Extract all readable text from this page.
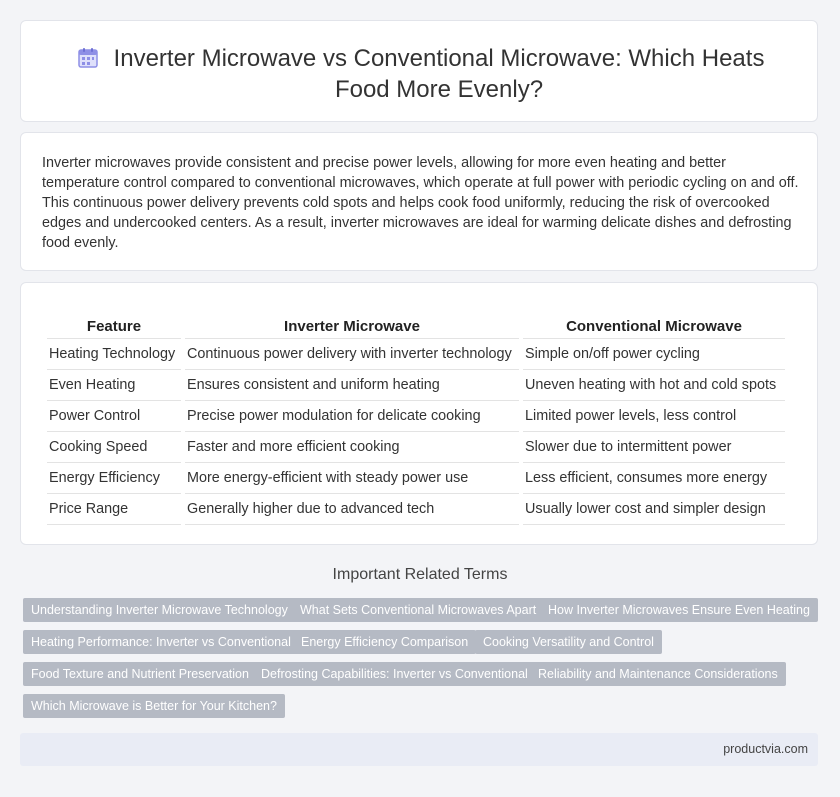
Inverter Microwave vs Conventional Microwave: Which Heats Food More Evenly?

Inverter microwaves provide consistent and precise power levels, allowing for more even heating and better temperature control compared to conventional microwaves, which operate at full power with periodic cycling on and off. This continuous power delivery prevents cold spots and helps cook food uniformly, reducing the risk of overcooked edges and undercooked centers. As a result, inverter microwaves are ideal for warming delicate dishes and defrosting food evenly.

Feature	Inverter Microwave	Conventional Microwave
Heating Technology	Continuous power delivery with inverter technology	Simple on/off power cycling
Even Heating	Ensures consistent and uniform heating	Uneven heating with hot and cold spots
Power Control	Precise power modulation for delicate cooking	Limited power levels, less control
Cooking Speed	Faster and more efficient cooking	Slower due to intermittent power
Energy Efficiency	More energy-efficient with steady power use	Less efficient, consumes more energy
Price Range	Generally higher due to advanced tech	Usually lower cost and simpler design
Important Related Terms
Understanding Inverter Microwave Technology What Sets Conventional Microwaves Apart How Inverter Microwaves Ensure Even Heating
Heating Performance: Inverter vs Conventional Energy Efficiency Comparison	Cooking Versatility and Control
Food Texture and Nutrient Preservation Defrosting Capabilities: Inverter vs Conventional Reliability and Maintenance Considerations
Which Microwave is Better for Your Kitchen?
productvia.com
